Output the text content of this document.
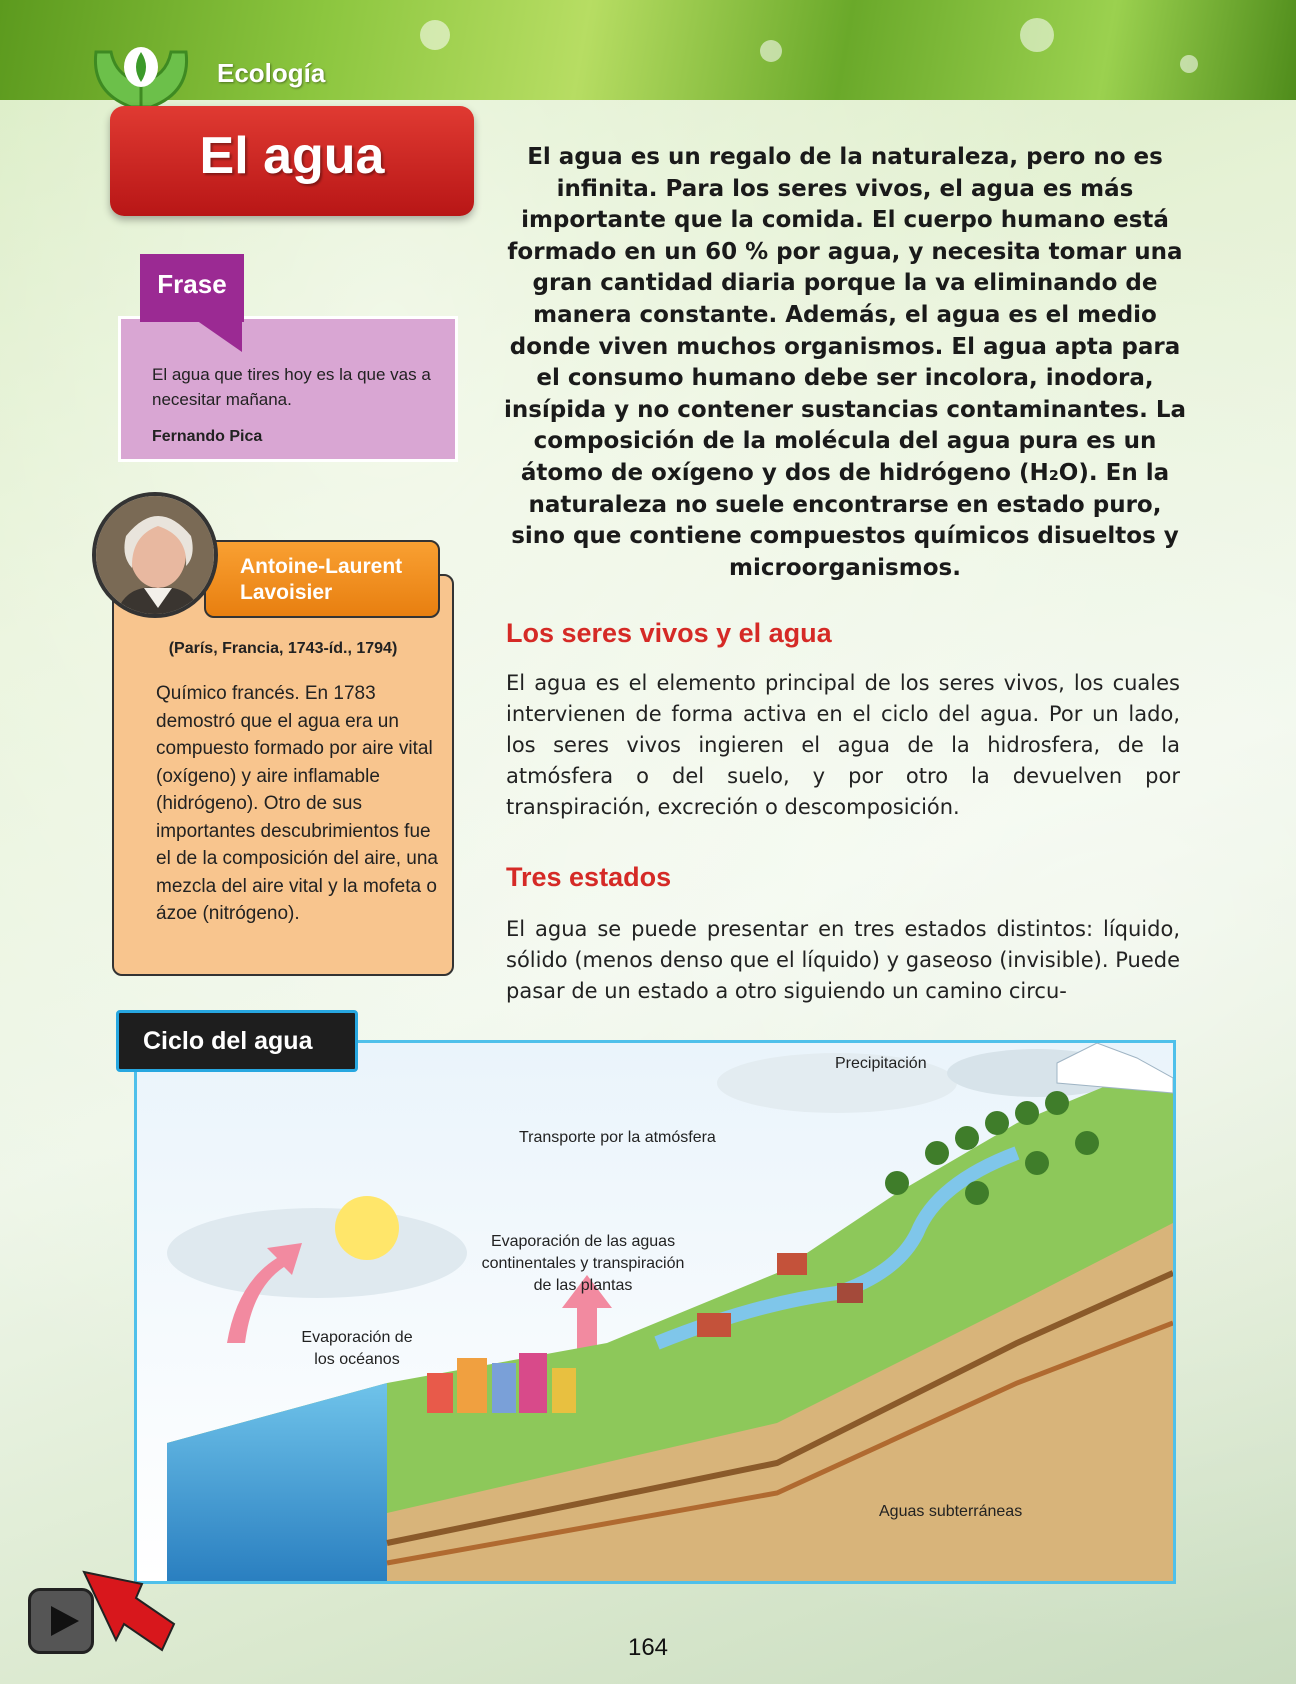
Ecología
El agua
Frase
El agua que tires hoy es la que vas a necesitar mañana.
Fernando Pica
Antoine-Laurent Lavoisier
(París, Francia, 1743-íd., 1794)
Químico francés. En 1783 demostró que el agua era un compuesto formado por aire vital (oxígeno) y aire inflamable (hidrógeno). Otro de sus importantes descubrimientos fue el de la composición del aire, una mezcla del aire vital y la mofeta o ázoe (nitrógeno).
El agua es un regalo de la naturaleza, pero no es infinita. Para los seres vivos, el agua es más importante que la comida. El cuerpo humano está formado en un 60 % por agua, y necesita tomar una gran cantidad diaria porque la va eliminando de manera constante. Además, el agua es el medio donde viven muchos organismos. El agua apta para el consumo humano debe ser incolora, inodora, insípida y no contener sustancias contaminantes. La composición de la molécula del agua pura es un átomo de oxígeno y dos de hidrógeno (H₂O). En la naturaleza no suele encontrarse en estado puro, sino que contiene compuestos químicos disueltos y microorganismos.
Los seres vivos y el agua
El agua es el elemento principal de los seres vivos, los cuales intervienen de forma activa en el ciclo del agua. Por un lado, los seres vivos ingieren el agua de la hidrosfera, de la atmósfera o del suelo, y por otro la devuelven por transpiración, excreción o descomposición.
Tres estados
El agua se puede presentar en tres estados distintos: líquido, sólido (menos denso que el líquido) y gaseoso (invisible). Puede pasar de un estado a otro siguiendo un camino circu-
Precipitación
Transporte por la atmósfera
Evaporación de las aguas continentales y transpiración de las plantas
Evaporación de los océanos
Aguas subterráneas
Ciclo del agua
164
